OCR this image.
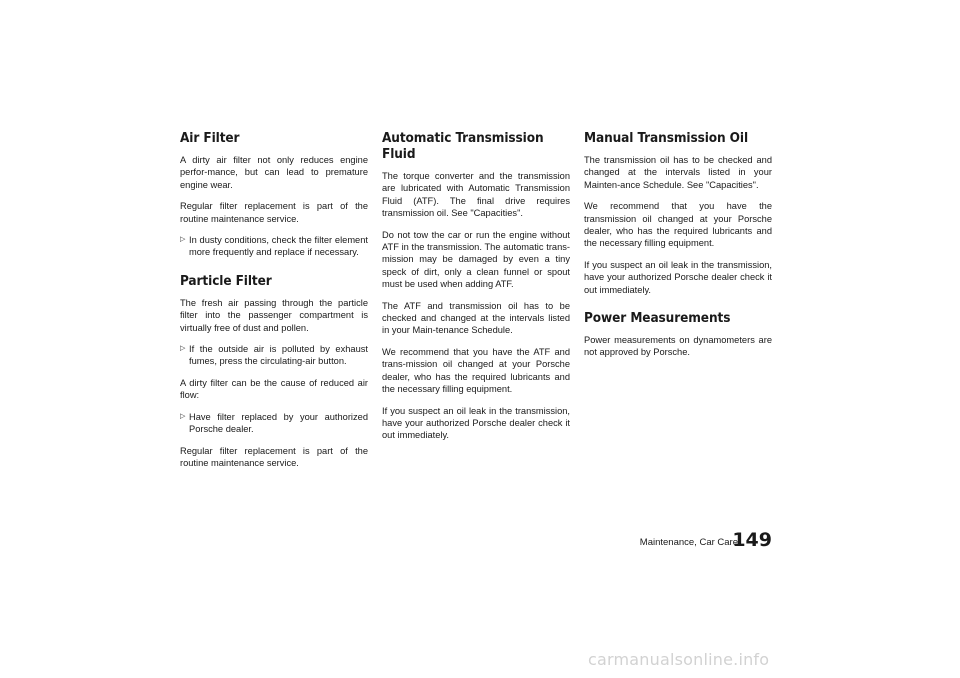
Air Filter

A dirty air filter not only reduces engine perfor-mance, but can lead to premature engine wear.

Regular filter replacement is part of the routine maintenance service.

▷ In dusty conditions, check the filter element more frequently and replace if necessary.
Particle Filter

The fresh air passing through the particle filter into the passenger compartment is virtually free of dust and pollen.

▷ If the outside air is polluted by exhaust fumes, press the circulating-air button.

A dirty filter can be the cause of reduced air flow:

▷ Have filter replaced by your authorized Porsche dealer.

Regular filter replacement is part of the routine maintenance service.

Automatic Transmission Fluid

The torque converter and the transmission are lubricated with Automatic Transmission Fluid (ATF). The final drive requires transmission oil. See "Capacities".

Do not tow the car or run the engine without ATF in the transmission. The automatic trans-mission may be damaged by even a tiny speck of dirt, only a clean funnel or spout must be used when adding ATF.

The ATF and transmission oil has to be checked and changed at the intervals listed in your Main-tenance Schedule.

We recommend that you have the ATF and trans-mission oil changed at your Porsche dealer, who has the required lubricants and the necessary filling equipment.

If you suspect an oil leak in the transmission, have your authorized Porsche dealer check it out immediately.

Manual Transmission Oil

The transmission oil has to be checked and changed at the intervals listed in your Mainten-ance Schedule. See "Capacities".

We recommend that you have the transmission oil changed at your Porsche dealer, who has the required lubricants and the necessary filling equipment.

If you suspect an oil leak in the transmission, have your authorized Porsche dealer check it out immediately.

Power Measurements

Power measurements on dynamometers are not approved by Porsche.

Maintenance, Car Care
149
carmanualsonline.info
